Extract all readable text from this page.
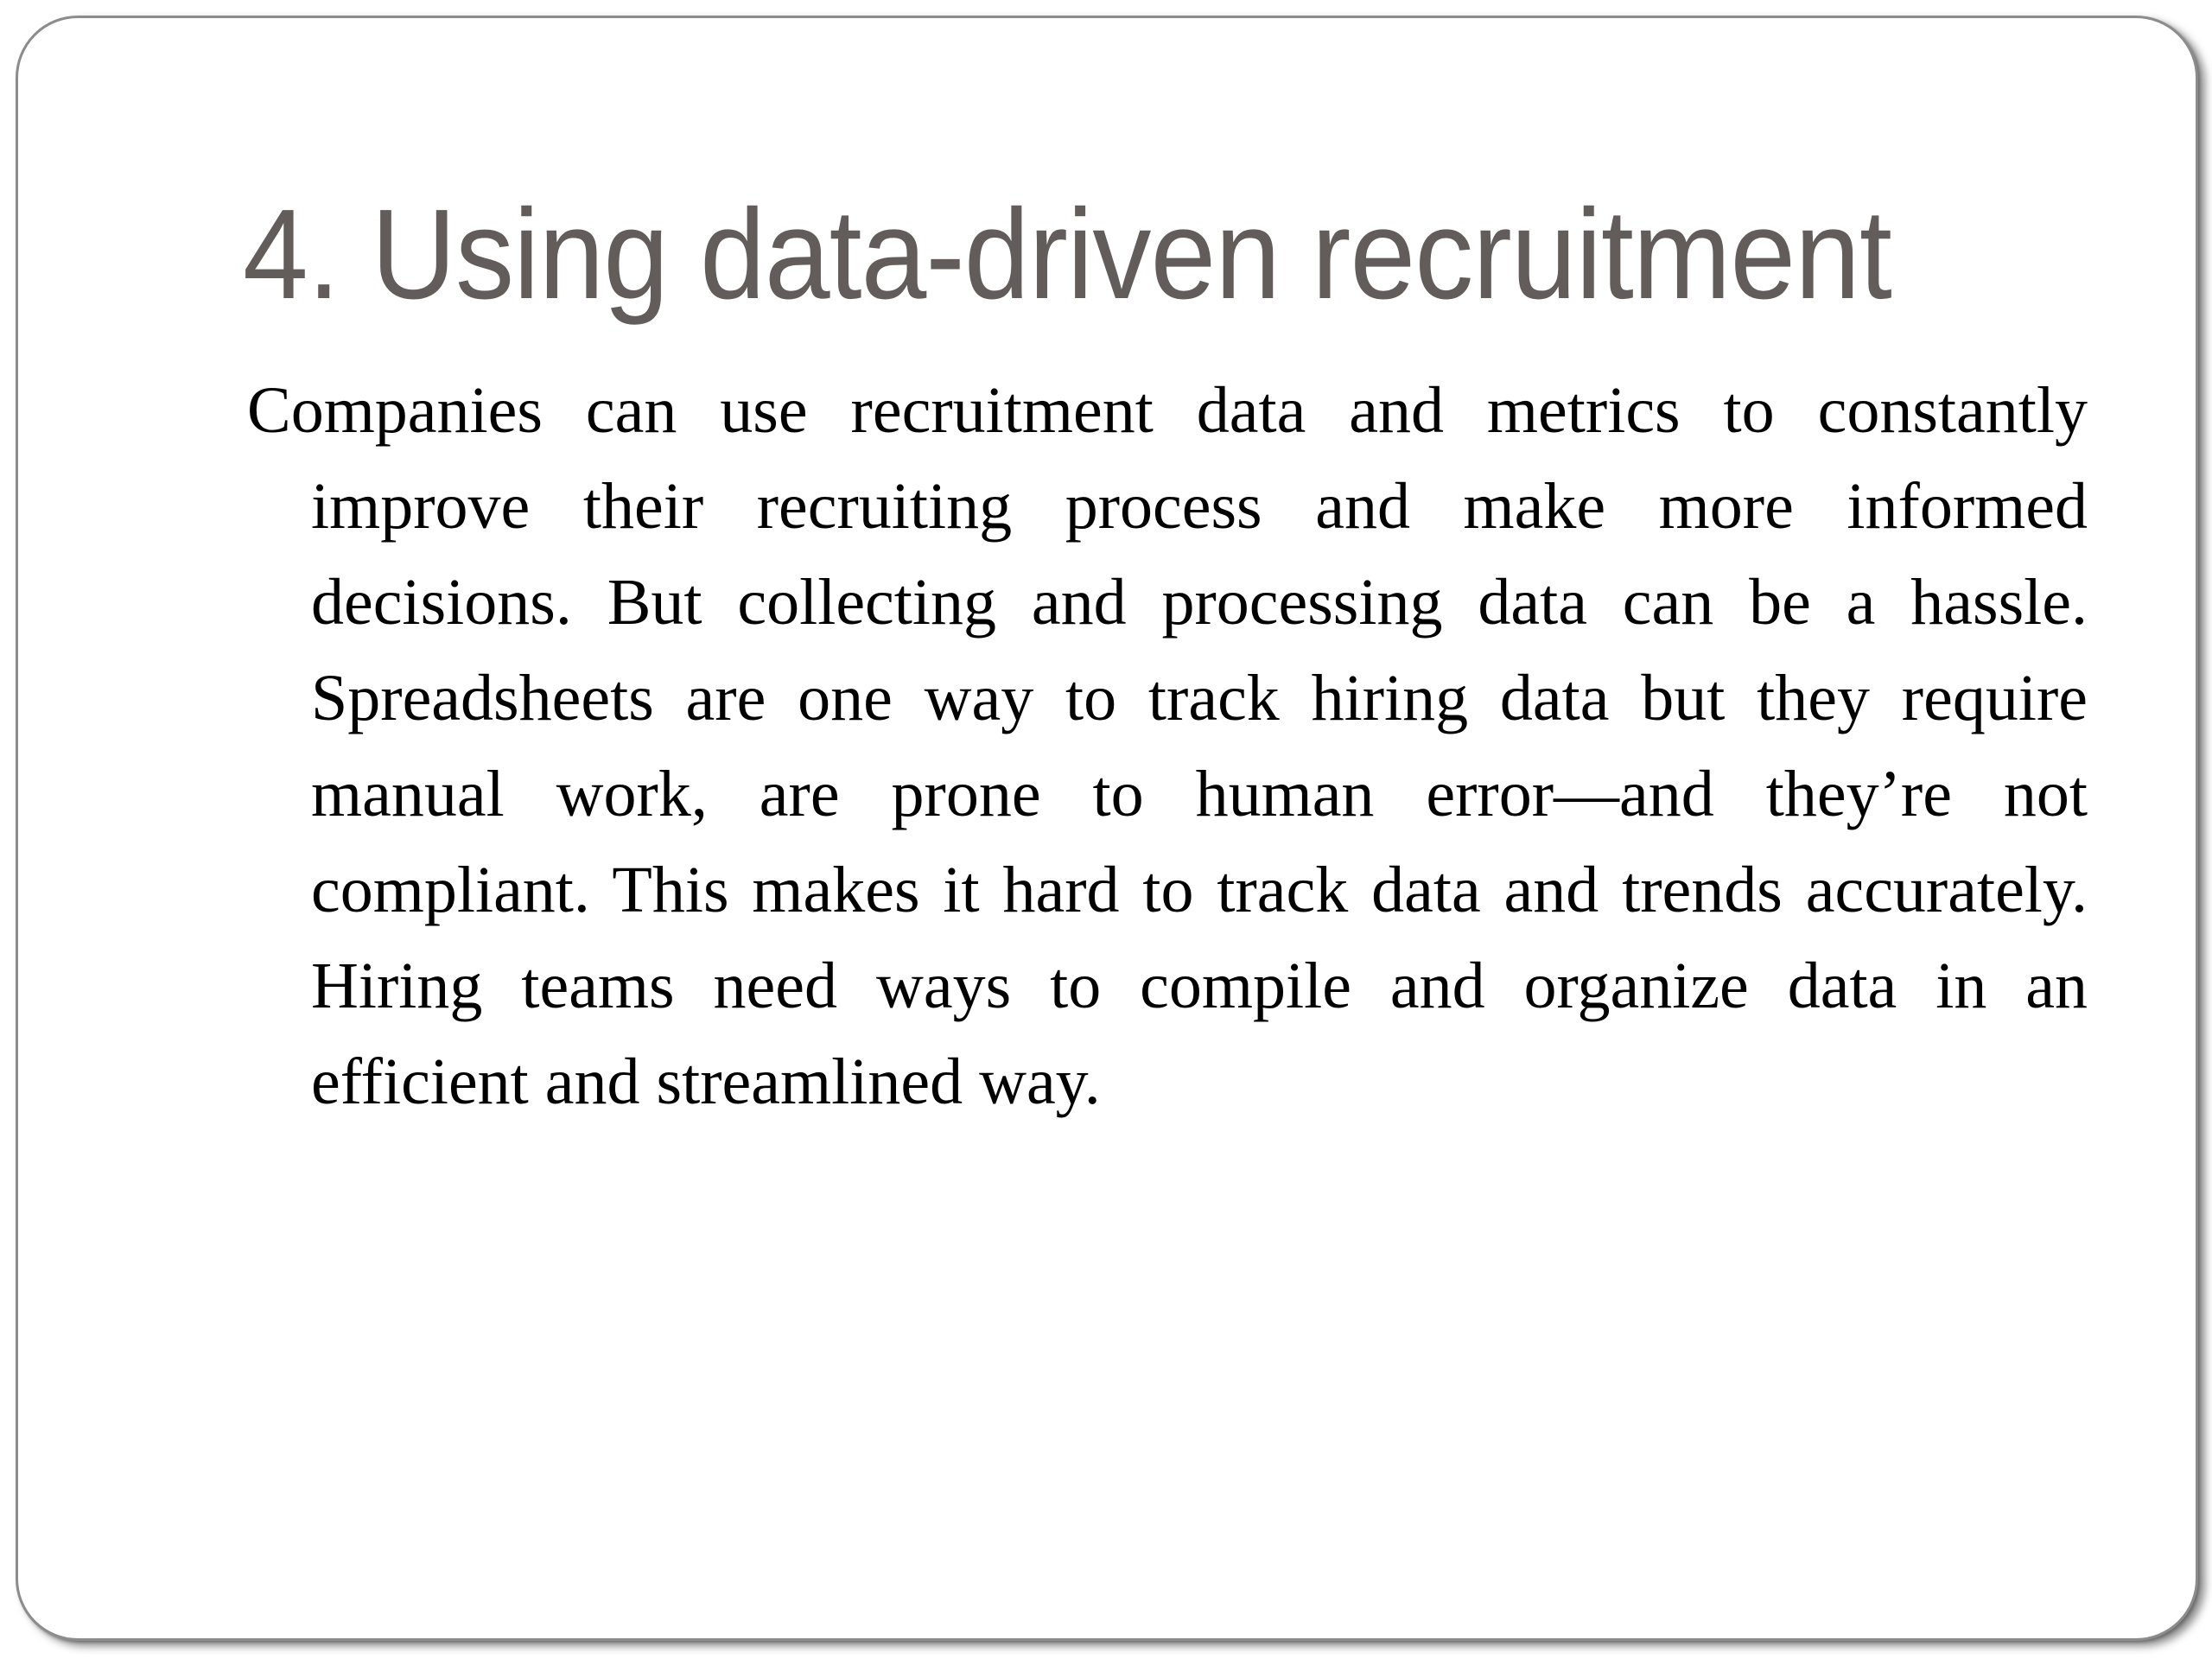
4. Using data-driven recruitment

Companies can use recruitment data and metrics to constantly improve their recruiting process and make more informed decisions. But collecting and processing data can be a hassle. Spreadsheets are one way to track hiring data but they require manual work, are prone to human error—and they’re not compliant. This makes it hard to track data and trends accurately. Hiring teams need ways to compile and organize data in an efficient and streamlined way.
